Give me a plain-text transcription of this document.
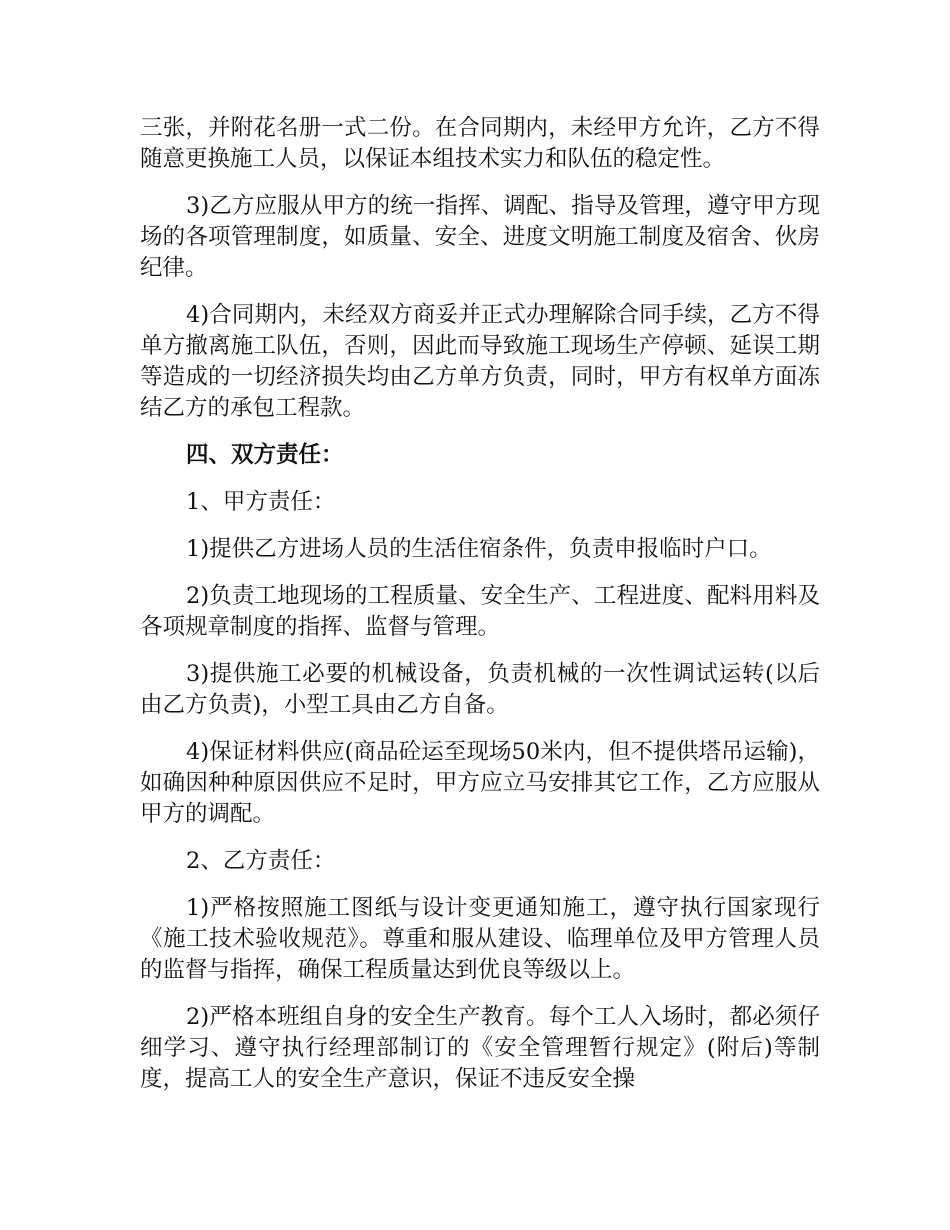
三张，并附花名册一式二份。在合同期内，未经甲方允许，乙方不得随意更换施工人员，以保证本组技术实力和队伍的稳定性。

3)乙方应服从甲方的统一指挥、调配、指导及管理，遵守甲方现场的各项管理制度，如质量、安全、进度文明施工制度及宿舍、伙房纪律。

4)合同期内，未经双方商妥并正式办理解除合同手续，乙方不得单方撤离施工队伍，否则，因此而导致施工现场生产停顿、延误工期等造成的一切经济损失均由乙方单方负责，同时，甲方有权单方面冻结乙方的承包工程款。

四、双方责任：

1、甲方责任：

1)提供乙方进场人员的生活住宿条件，负责申报临时户口。

2)负责工地现场的工程质量、安全生产、工程进度、配料用料及各项规章制度的指挥、监督与管理。

3)提供施工必要的机械设备，负责机械的一次性调试运转(以后由乙方负责)，小型工具由乙方自备。

4)保证材料供应(商品砼运至现场50米内，但不提供塔吊运输)，如确因种种原因供应不足时，甲方应立马安排其它工作，乙方应服从甲方的调配。

2、乙方责任：

1)严格按照施工图纸与设计变更通知施工，遵守执行国家现行《施工技术验收规范》。尊重和服从建设、临理单位及甲方管理人员的监督与指挥，确保工程质量达到优良等级以上。

2)严格本班组自身的安全生产教育。每个工人入场时，都必须仔细学习、遵守执行经理部制订的《安全管理暂行规定》(附后)等制度，提高工人的安全生产意识，保证不违反安全操
